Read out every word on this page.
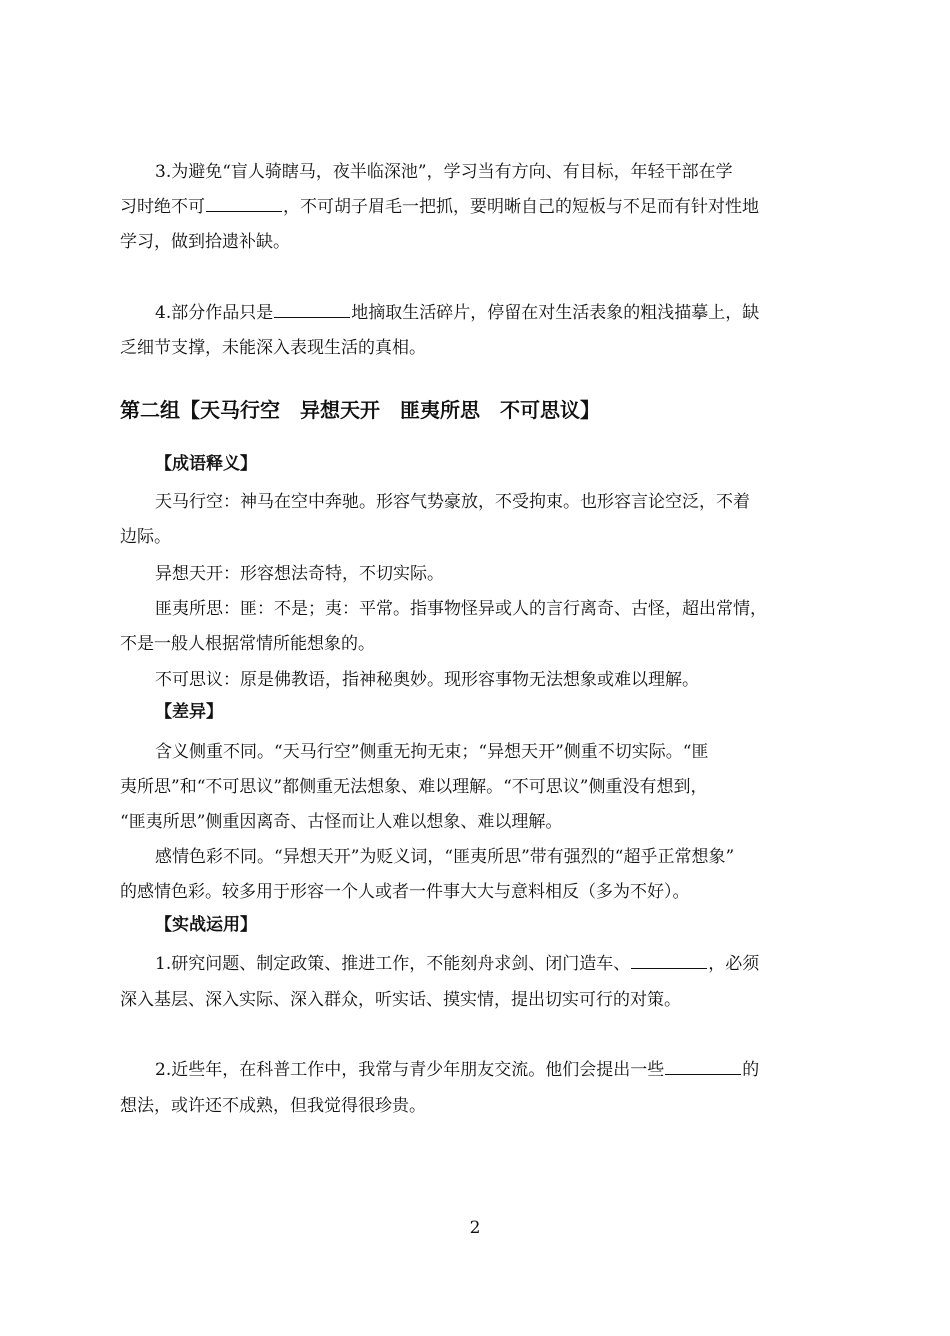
3.为避免“盲人骑瞎马，夜半临深池”，学习当有方向、有目标，年轻干部在学
习时绝不可	，不可胡子眉毛一把抓，要明晰自己的短板与不足而有针对性地
学习，做到拾遗补缺。
4.部分作品只是	地摘取生活碎片，停留在对生活表象的粗浅描摹上，缺
乏细节支撑，未能深入表现生活的真相。
第二组【天马行空 异想天开 匪夷所思 不可思议】
【成语释义】
天马行空：神马在空中奔驰。形容气势豪放，不受拘束。也形容言论空泛，不着
边际。
异想天开：形容想法奇特，不切实际。
匪夷所思：匪：不是；夷：平常。指事物怪异或人的言行离奇、古怪，超出常情，
不是一般人根据常情所能想象的。
不可思议：原是佛教语，指神秘奥妙。现形容事物无法想象或难以理解。
【差异】
含义侧重不同。“天马行空”侧重无拘无束；“异想天开”侧重不切实际。“匪
夷所思”和“不可思议”都侧重无法想象、难以理解。“不可思议”侧重没有想到，
“匪夷所思”侧重因离奇、古怪而让人难以想象、难以理解。
感情色彩不同。“异想天开”为贬义词，“匪夷所思”带有强烈的“超乎正常想象”
的感情色彩。较多用于形容一个人或者一件事大大与意料相反（多为不好）。
【实战运用】
1.研究问题、制定政策、推进工作，不能刻舟求剑、闭门造车、	，必须
深入基层、深入实际、深入群众，听实话、摸实情，提出切实可行的对策。
2.近些年，在科普工作中，我常与青少年朋友交流。他们会提出一些	的
想法，或许还不成熟，但我觉得很珍贵。
2
